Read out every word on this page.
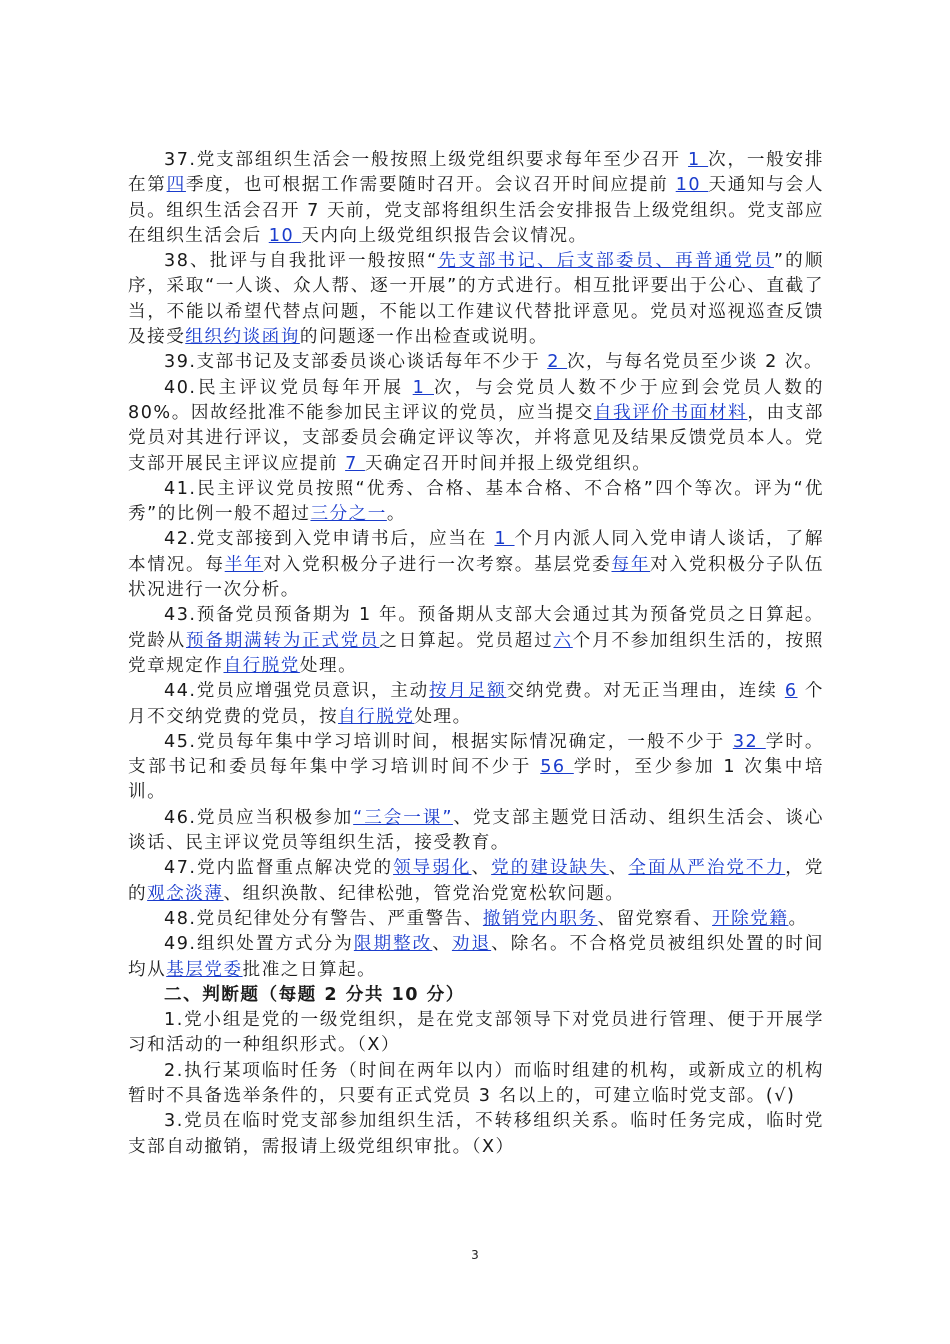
37.党支部组织生活会一般按照上级党组织要求每年至少召开 1 次，一般安排在第四季度，也可根据工作需要随时召开。会议召开时间应提前 10 天通知与会人员。组织生活会召开 7 天前，党支部将组织生活会安排报告上级党组织。党支部应在组织生活会后 10 天内向上级党组织报告会议情况。

38、批评与自我批评一般按照“先支部书记、后支部委员、再普通党员”的顺序，采取“一人谈、众人帮、逐一开展”的方式进行。相互批评要出于公心、直截了当，不能以希望代替点问题，不能以工作建议代替批评意见。党员对巡视巡查反馈及接受组织约谈函询的问题逐一作出检查或说明。

39.支部书记及支部委员谈心谈话每年不少于 2 次，与每名党员至少谈 2 次。

40.民主评议党员每年开展 1 次，与会党员人数不少于应到会党员人数的 80%。因故经批准不能参加民主评议的党员，应当提交自我评价书面材料，由支部党员对其进行评议，支部委员会确定评议等次，并将意见及结果反馈党员本人。党支部开展民主评议应提前 7 天确定召开时间并报上级党组织。

41.民主评议党员按照“优秀、合格、基本合格、不合格”四个等次。评为“优秀”的比例一般不超过三分之一。

42.党支部接到入党申请书后，应当在 1 个月内派人同入党申请人谈话，了解本情况。每半年对入党积极分子进行一次考察。基层党委每年对入党积极分子队伍状况进行一次分析。

43.预备党员预备期为 1 年。预备期从支部大会通过其为预备党员之日算起。党龄从预备期满转为正式党员之日算起。党员超过六个月不参加组织生活的，按照党章规定作自行脱党处理。

44.党员应增强党员意识，主动按月足额交纳党费。对无正当理由，连续 6 个月不交纳党费的党员，按自行脱党处理。

45.党员每年集中学习培训时间，根据实际情况确定，一般不少于 32 学时。支部书记和委员每年集中学习培训时间不少于 56 学时，至少参加 1 次集中培训。

46.党员应当积极参加“三会一课”、党支部主题党日活动、组织生活会、谈心谈话、民主评议党员等组织生活，接受教育。

47.党内监督重点解决党的领导弱化、党的建设缺失、全面从严治党不力，党的观念淡薄、组织涣散、纪律松弛，管党治党宽松软问题。

48.党员纪律处分有警告、严重警告、撤销党内职务、留党察看、开除党籍。

49.组织处置方式分为限期整改、劝退、除名。不合格党员被组织处置的时间均从基层党委批准之日算起。

二、判断题（每题 2 分共 10 分）

1.党小组是党的一级党组织，是在党支部领导下对党员进行管理、便于开展学习和活动的一种组织形式。（X）

2.执行某项临时任务（时间在两年以内）而临时组建的机构，或新成立的机构暂时不具备选举条件的，只要有正式党员 3 名以上的，可建立临时党支部。(√)

3.党员在临时党支部参加组织生活，不转移组织关系。临时任务完成，临时党支部自动撤销，需报请上级党组织审批。（X）

3
